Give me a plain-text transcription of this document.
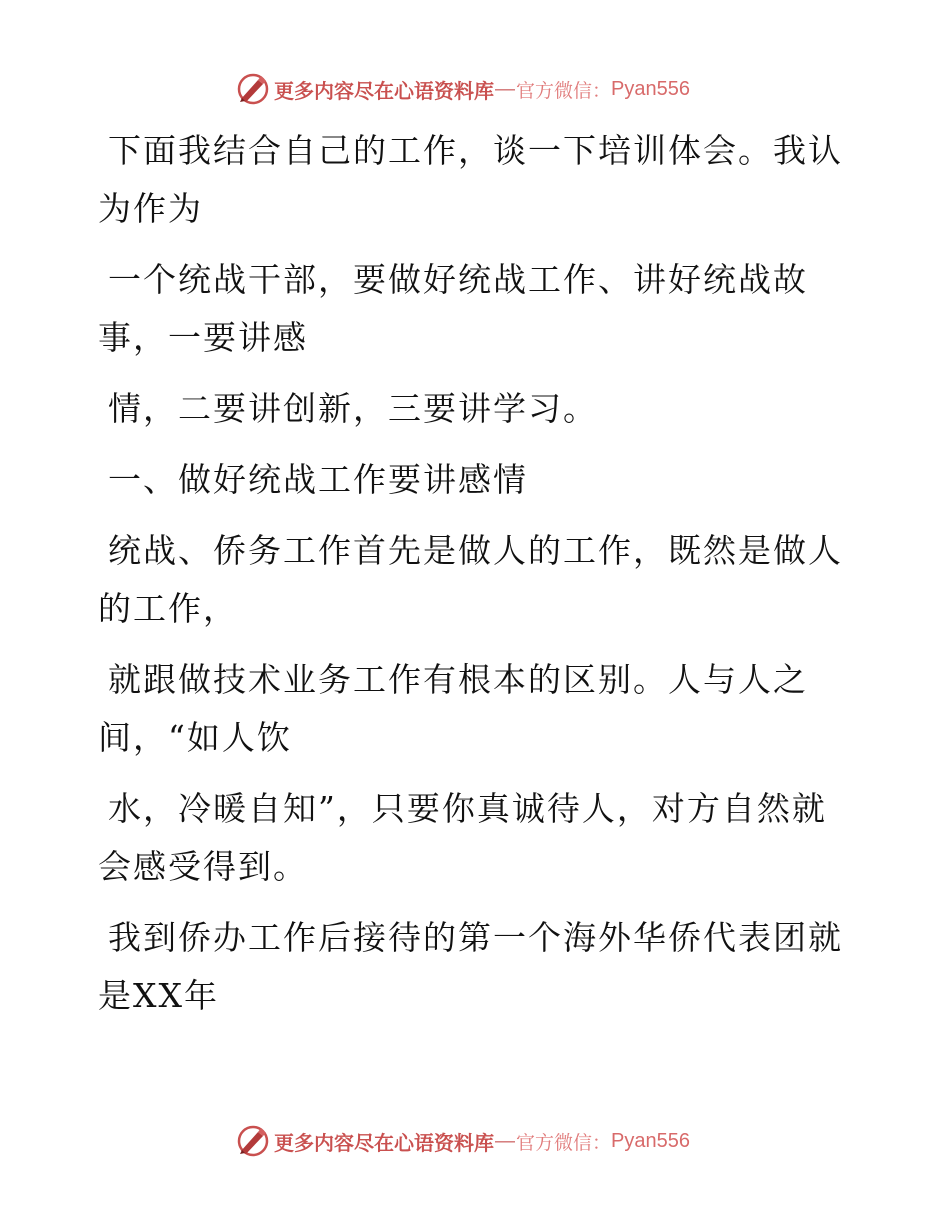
更多内容尽在心语资料库 — 官方微信： Pyan556
下面我结合自己的工作，谈一下培训体会。我认
为作为
一个统战干部，要做好统战工作、讲好统战故
事，一要讲感
情，二要讲创新，三要讲学习。
一、做好统战工作要讲感情
统战、侨务工作首先是做人的工作，既然是做人
的工作，
就跟做技术业务工作有根本的区别。人与人之
间，“如人饮
水，冷暖自知”，只要你真诚待人，对方自然就
会感受得到。
我到侨办工作后接待的第一个海外华侨代表团就
是XX年
更多内容尽在心语资料库 — 官方微信： Pyan556
